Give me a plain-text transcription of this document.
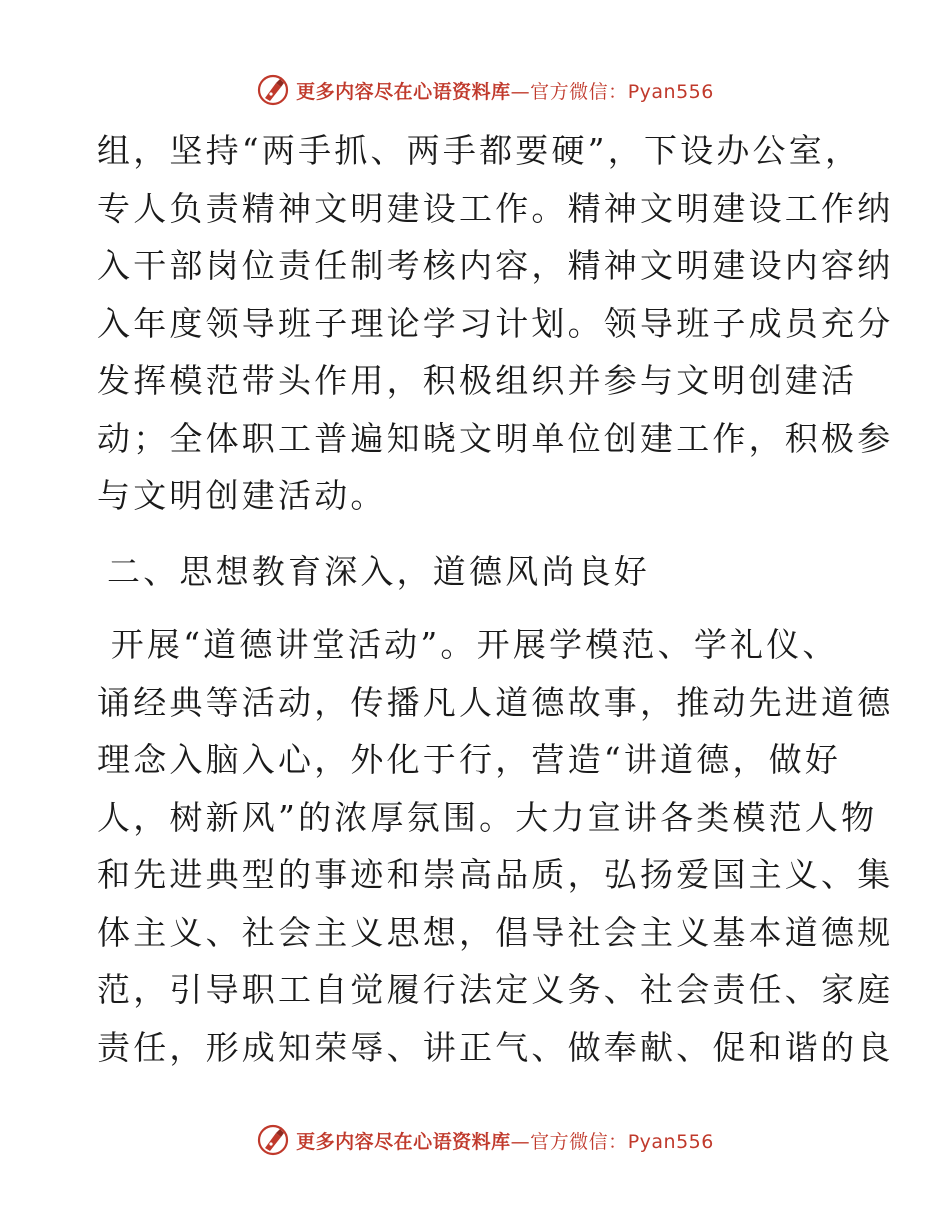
更多内容尽在心语资料库—官方微信：Pyan556

组，坚持“两手抓、两手都要硬”，下设办公室，
专人负责精神文明建设工作。精神文明建设工作纳
入干部岗位责任制考核内容，精神文明建设内容纳
入年度领导班子理论学习计划。领导班子成员充分
发挥模范带头作用，积极组织并参与文明创建活
动；全体职工普遍知晓文明单位创建工作，积极参
与文明创建活动。

二、思想教育深入，道德风尚良好

开展“道德讲堂活动”。开展学模范、学礼仪、
诵经典等活动，传播凡人道德故事，推动先进道德
理念入脑入心，外化于行，营造“讲道德，做好
人，树新风”的浓厚氛围。大力宣讲各类模范人物
和先进典型的事迹和崇高品质，弘扬爱国主义、集
体主义、社会主义思想，倡导社会主义基本道德规
范，引导职工自觉履行法定义务、社会责任、家庭
责任，形成知荣辱、讲正气、做奉献、促和谐的良

更多内容尽在心语资料库—官方微信：Pyan556
